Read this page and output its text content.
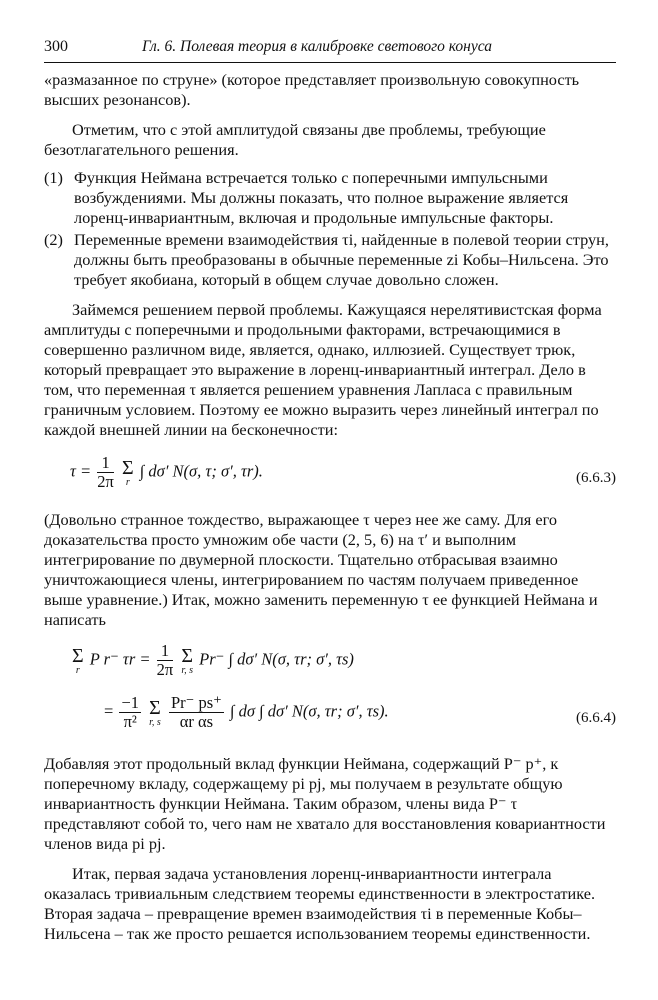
300	Гл. 6. Полевая теория в калибровке светового конуса

«размазанное по струне» (которое представляет произвольную совокупность высших резонансов).

Отметим, что с этой амплитудой связаны две проблемы, требующие безотлагательного решения.

(1) Функция Неймана встречается только с поперечными импульсными возбуждениями. Мы должны показать, что полное выражение является лоренц-инвариантным, включая и продольные импульсные факторы.
(2) Переменные времени взаимодействия τi, найденные в полевой теории струн, должны быть преобразованы в обычные переменные zi Кобы–Нильсена. Это требует якобиана, который в общем случае довольно сложен.

Займемся решением первой проблемы. Кажущаяся нерелятивистская форма амплитуды с поперечными и продольными факторами, встречающимися в совершенно различном виде, является, однако, иллюзией. Существует трюк, который превращает это выражение в лоренц-инвариантный интеграл. Дело в том, что переменная τ является решением уравнения Лапласа с правильным граничным условием. Поэтому ее можно выразить через линейный интеграл по каждой внешней линии на бесконечности:

$\tau = \frac{1}{2\pi}$
Σ
r
∫ dσ′ N(σ, τ; σ′, τr).	(6.6.3)

(Довольно странное тождество, выражающее τ через нее же саму. Для его доказательства просто умножим обе части (2, 5, 6) на τ′ и выполним интегрирование по двумерной плоскости. Тщательно отбрасывая взаимно уничтожающиеся члены, интегрированием по частям получаем приведенное выше уравнение.) Итак, можно заменить переменную τ ее функцией Неймана и написать

Σ
r
P r⁻ $\tau r = \frac{1}{2\pi}$
Σ
r, s
Pr⁻ ∫ dσ′ N(σ, τr; σ′, τs)
= $\frac{-1}{\text{π²}}$
Σ
r, s
$\frac{Pr^- ps^+}{\text{αr αs}}$ ∫ dσ ∫ dσ′ N(σ, τr; σ′, τs).	(6.6.4)

Добавляя этот продольный вклад функции Неймана, содержащий P⁻ p⁺, к поперечному вкладу, содержащему pi pj, мы получаем в результате общую инвариантность функции Неймана. Таким образом, члены вида P⁻ τ представляют собой то, чего нам не хватало для восстановления ковариантности членов вида pi pj.

Итак, первая задача установления лоренц-инвариантности интеграла оказалась тривиальным следствием теоремы единственности в электростатике. Вторая задача – превращение времен взаимодействия τi в переменные Кобы–Нильсена – так же просто решается использованием теоремы единственности.
